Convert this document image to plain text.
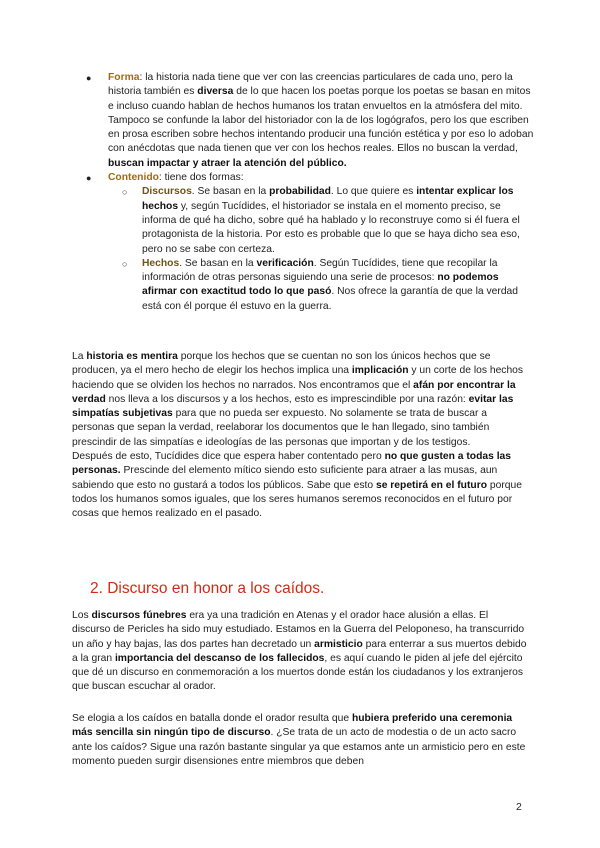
● Forma: la historia nada tiene que ver con las creencias particulares de cada uno, pero la historia también es diversa de lo que hacen los poetas porque los poetas se basan en mitos e incluso cuando hablan de hechos humanos los tratan envueltos en la atmósfera del mito. Tampoco se confunde la labor del historiador con la de los logógrafos, pero los que escriben en prosa escriben sobre hechos intentando producir una función estética y por eso lo adoban con anécdotas que nada tienen que ver con los hechos reales. Ellos no buscan la verdad, buscan impactar y atraer la atención del público.
● Contenido: tiene dos formas:
○ Discursos. Se basan en la probabilidad. Lo que quiere es intentar explicar los hechos y, según Tucídides, el historiador se instala en el momento preciso, se informa de qué ha dicho, sobre qué ha hablado y lo reconstruye como si él fuera el protagonista de la historia. Por esto es probable que lo que se haya dicho sea eso, pero no se sabe con certeza.
○ Hechos. Se basan en la verificación. Según Tucídides, tiene que recopilar la información de otras personas siguiendo una serie de procesos: no podemos afirmar con exactitud todo lo que pasó. Nos ofrece la garantía de que la verdad está con él porque él estuvo en la guerra.
La historia es mentira porque los hechos que se cuentan no son los únicos hechos que se producen, ya el mero hecho de elegir los hechos implica una implicación y un corte de los hechos haciendo que se olviden los hechos no narrados. Nos encontramos que el afán por encontrar la verdad nos lleva a los discursos y a los hechos, esto es imprescindible por una razón: evitar las simpatías subjetivas para que no pueda ser expuesto. No solamente se trata de buscar a personas que sepan la verdad, reelaborar los documentos que le han llegado, sino también prescindir de las simpatías e ideologías de las personas que importan y de los testigos.
Después de esto, Tucídides dice que espera haber contentado pero no que gusten a todas las personas. Prescinde del elemento mítico siendo esto suficiente para atraer a las musas, aun sabiendo que esto no gustará a todos los públicos. Sabe que esto se repetirá en el futuro porque todos los humanos somos iguales, que los seres humanos seremos reconocidos en el futuro por cosas que hemos realizado en el pasado.
2. Discurso en honor a los caídos.
Los discursos fúnebres era ya una tradición en Atenas y el orador hace alusión a ellas. El discurso de Pericles ha sido muy estudiado. Estamos en la Guerra del Peloponeso, ha transcurrido un año y hay bajas, las dos partes han decretado un armisticio para enterrar a sus muertos debido a la gran importancia del descanso de los fallecidos, es aquí cuando le piden al jefe del ejército que dé un discurso en conmemoración a los muertos donde están los ciudadanos y los extranjeros que buscan escuchar al orador.
Se elogia a los caídos en batalla donde el orador resulta que hubiera preferido una ceremonia más sencilla sin ningún tipo de discurso. ¿Se trata de un acto de modestia o de un acto sacro ante los caídos? Sigue una razón bastante singular ya que estamos ante un armisticio pero en este momento pueden surgir disensiones entre miembros que deben
2
